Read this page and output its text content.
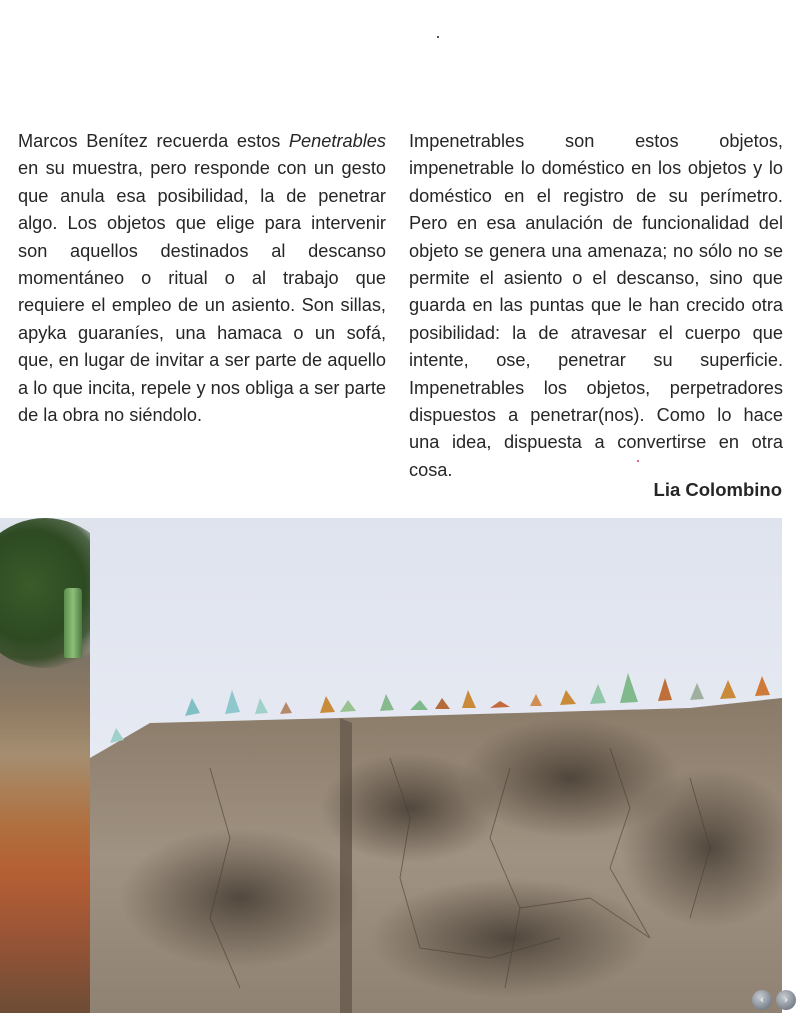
Marcos Benítez recuerda estos Penetrables en su muestra, pero responde con un gesto que anula esa posibilidad, la de penetrar algo. Los objetos que elige para intervenir son aquellos destinados al descanso momentáneo o ritual o al trabajo que requiere el empleo de un asiento. Son sillas, apyka guaraníes, una hamaca o un sofá, que, en lugar de invitar a ser parte de aquello a lo que incita, repele y nos obliga a ser parte de la obra no siéndolo.
Impenetrables son estos objetos, impenetrable lo doméstico en los objetos y lo doméstico en el registro de su perímetro. Pero en esa anulación de funcionalidad del objeto se genera una amenaza; no sólo no se permite el asiento o el descanso, sino que guarda en las puntas que le han crecido otra posibilidad: la de atravesar el cuerpo que intente, ose, penetrar su superficie. Impenetrables los objetos, perpetradores dispuestos a penetrar(nos). Como lo hace una idea, dispuesta a convertirse en otra cosa.
Lia Colombino
‹	›
